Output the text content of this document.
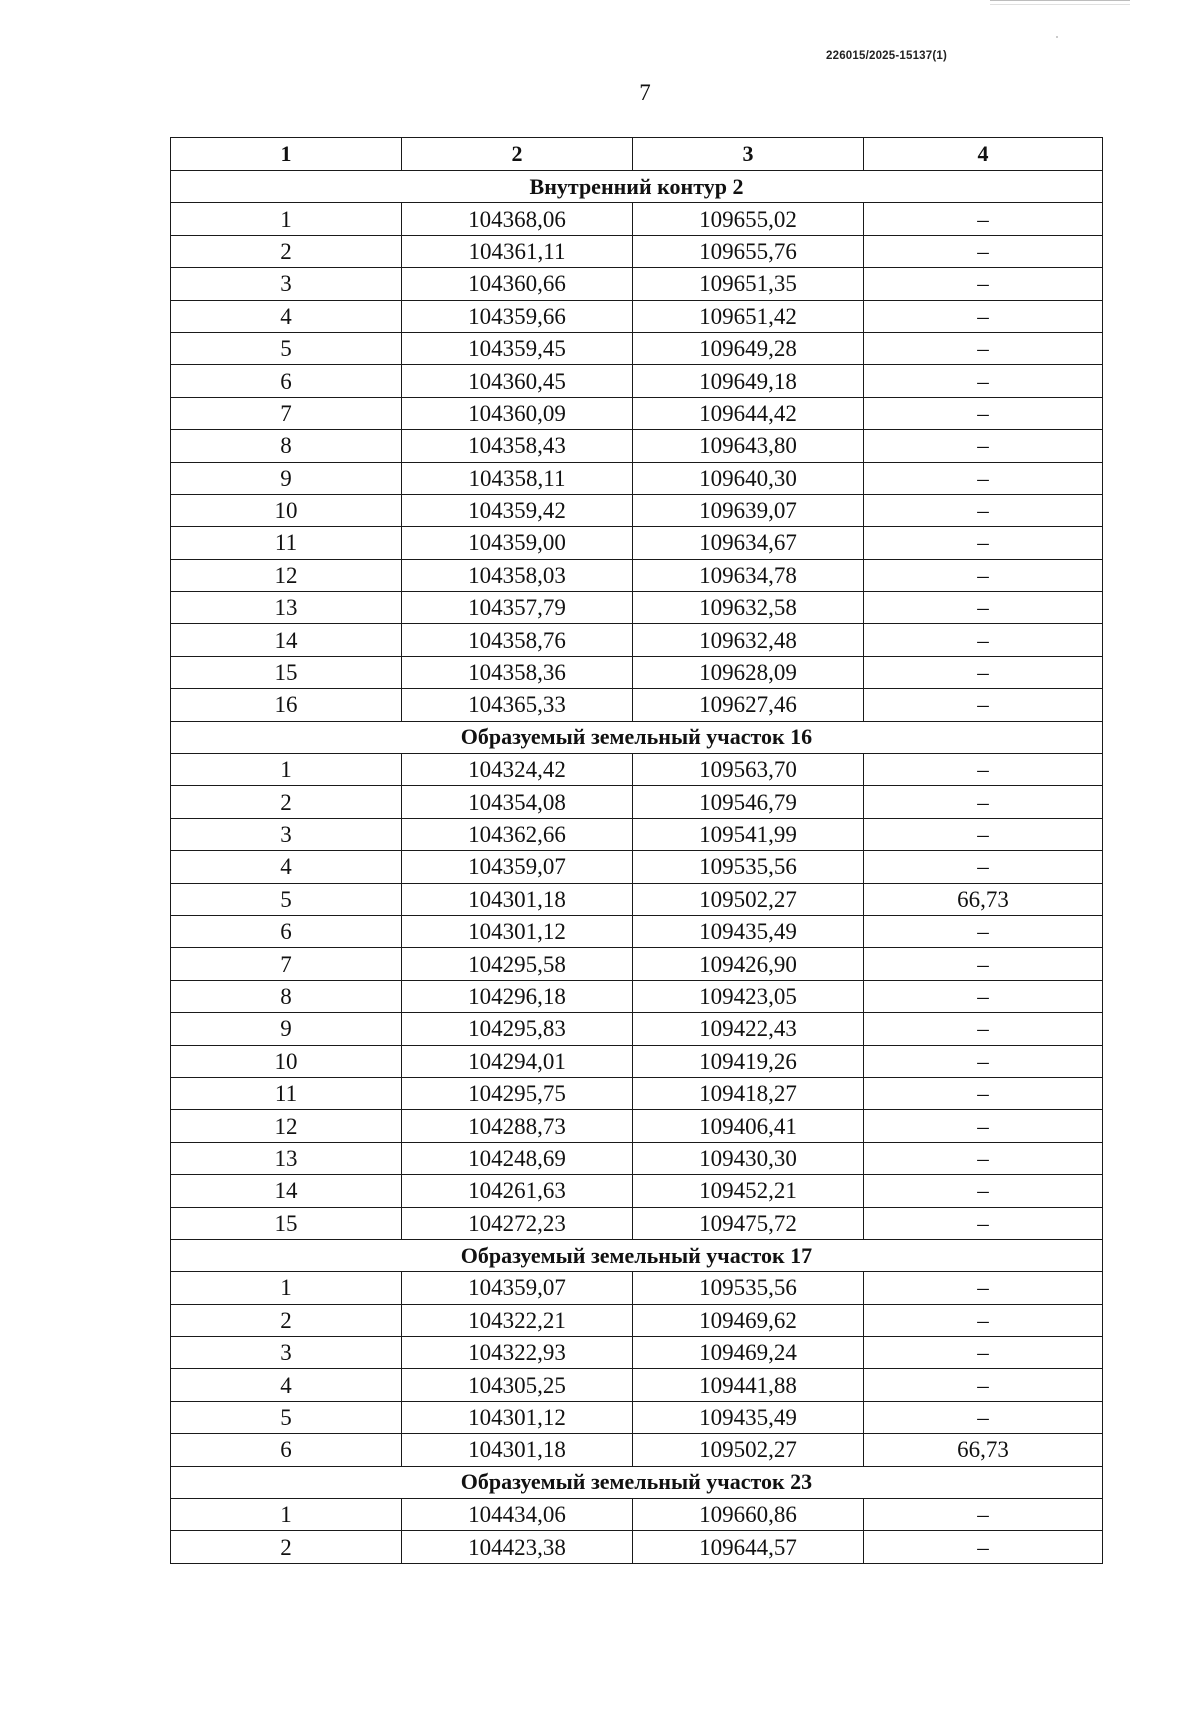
226015/2025-15137(1)
7
1	2	3	4
Внутренний контур 2			
1	104368,06	109655,02	–
2	104361,11	109655,76	–
3	104360,66	109651,35	–
4	104359,66	109651,42	–
5	104359,45	109649,28	–
6	104360,45	109649,18	–
7	104360,09	109644,42	–
8	104358,43	109643,80	–
9	104358,11	109640,30	–
10	104359,42	109639,07	–
11	104359,00	109634,67	–
12	104358,03	109634,78	–
13	104357,79	109632,58	–
14	104358,76	109632,48	–
15	104358,36	109628,09	–
16	104365,33	109627,46	–
Образуемый земельный участок 16			
1	104324,42	109563,70	–
2	104354,08	109546,79	–
3	104362,66	109541,99	–
4	104359,07	109535,56	–
5	104301,18	109502,27	66,73
6	104301,12	109435,49	–
7	104295,58	109426,90	–
8	104296,18	109423,05	–
9	104295,83	109422,43	–
10	104294,01	109419,26	–
11	104295,75	109418,27	–
12	104288,73	109406,41	–
13	104248,69	109430,30	–
14	104261,63	109452,21	–
15	104272,23	109475,72	–
Образуемый земельный участок 17			
1	104359,07	109535,56	–
2	104322,21	109469,62	–
3	104322,93	109469,24	–
4	104305,25	109441,88	–
5	104301,12	109435,49	–
6	104301,18	109502,27	66,73
Образуемый земельный участок 23			
1	104434,06	109660,86	–
2	104423,38	109644,57	–
